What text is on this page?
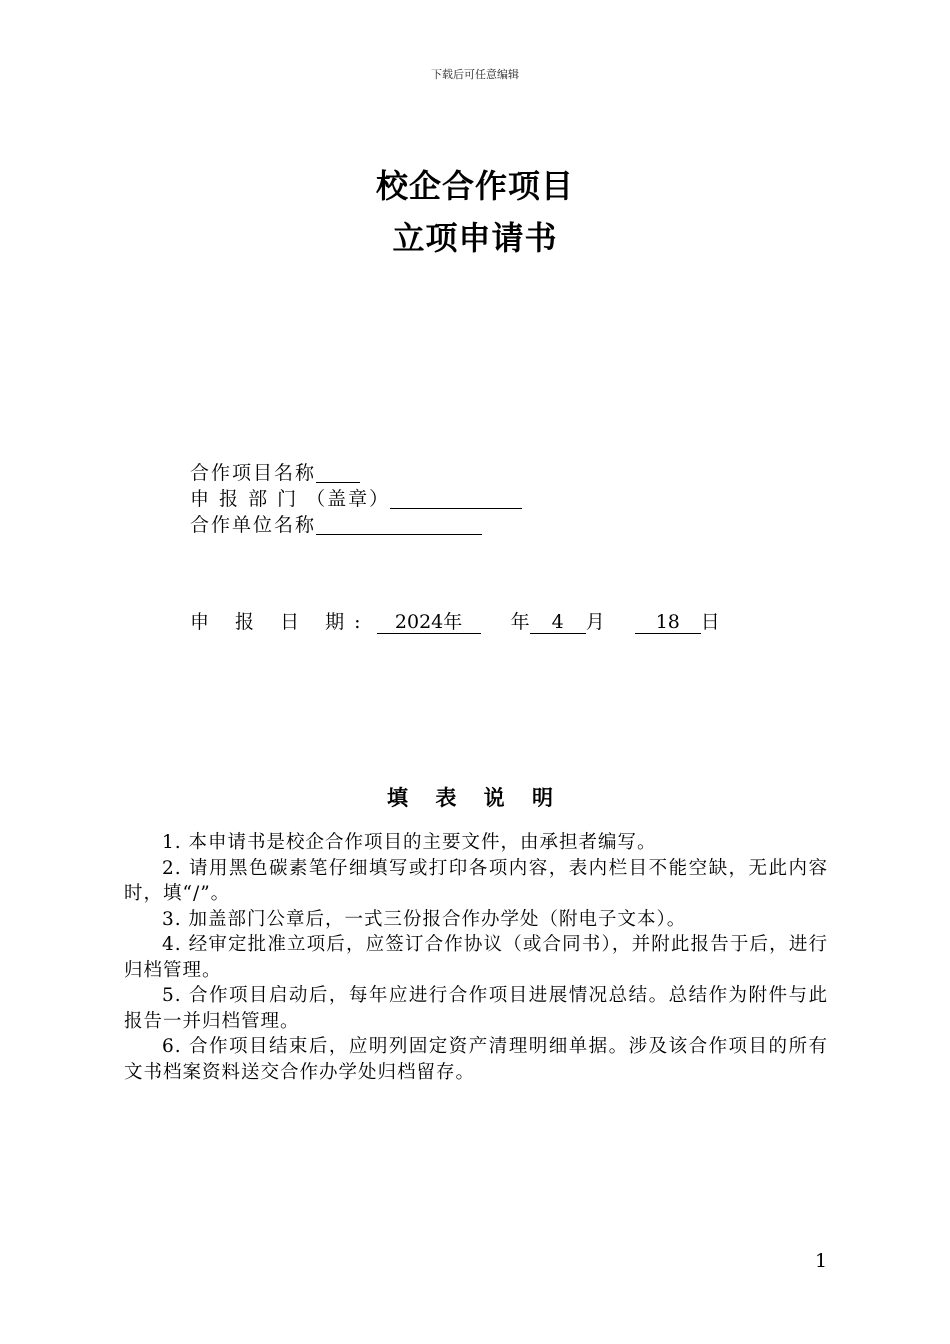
下载后可任意编辑
校企合作项目
立项申请书
合作项目名称
申 报 部 门 （盖章）
合作单位名称
申 报 日 期: 2024年	年 4 月	18 日
填 表 说 明

1. 本申请书是校企合作项目的主要文件，由承担者编写。

2. 请用黑色碳素笔仔细填写或打印各项内容，表内栏目不能空缺，无此内容时，填“/”。

3. 加盖部门公章后，一式三份报合作办学处（附电子文本）。

4. 经审定批准立项后，应签订合作协议（或合同书），并附此报告于后，进行归档管理。

5. 合作项目启动后，每年应进行合作项目进展情况总结。总结作为附件与此报告一并归档管理。

6. 合作项目结束后，应明列固定资产清理明细单据。涉及该合作项目的所有文书档案资料送交合作办学处归档留存。

1
